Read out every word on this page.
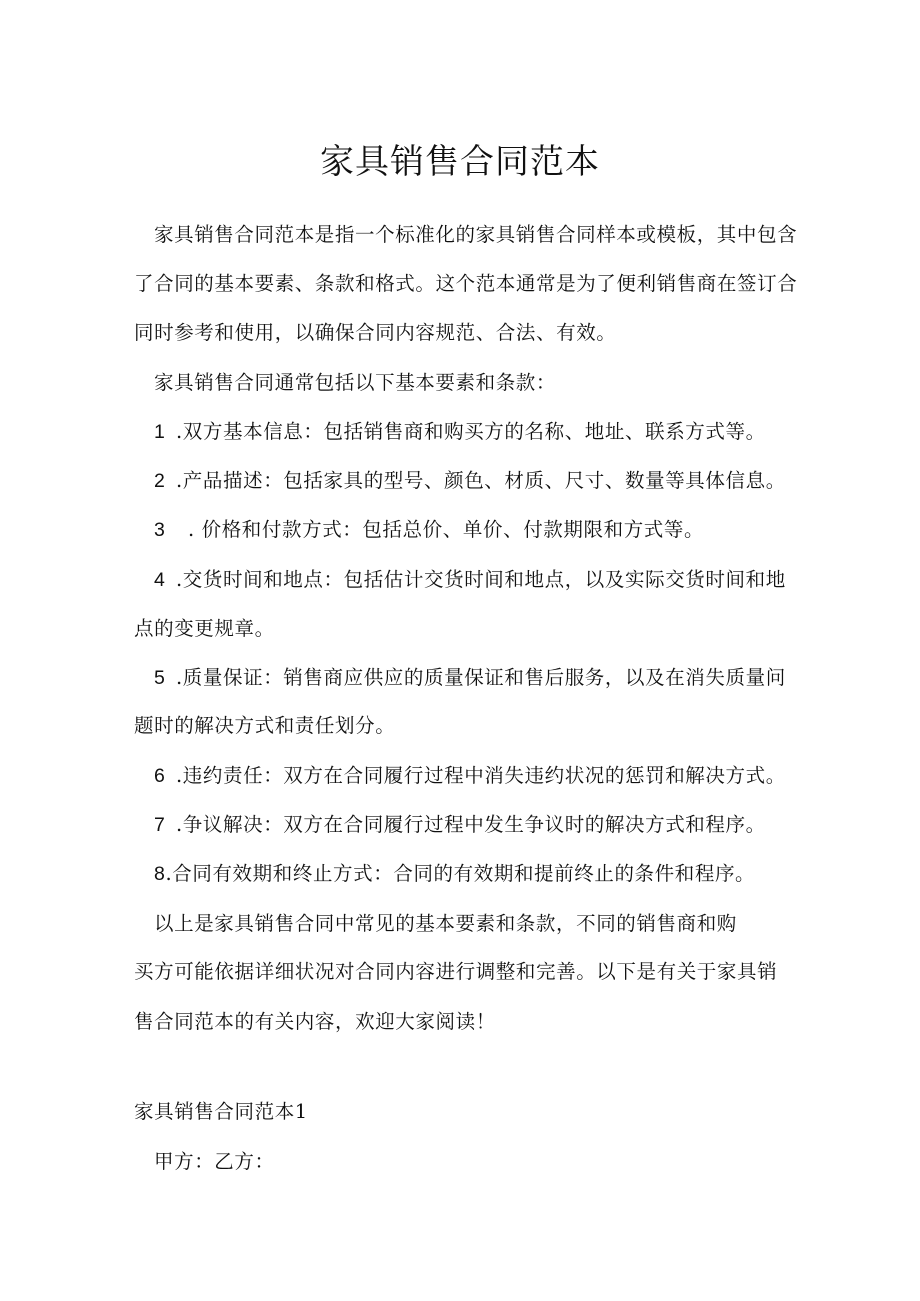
家具销售合同范本
家具销售合同范本是指一个标准化的家具销售合同样本或模板，其中包含
了合同的基本要素、条款和格式。这个范本通常是为了便利销售商在签订合
同时参考和使用，以确保合同内容规范、合法、有效。
家具销售合同通常包括以下基本要素和条款：
1 .双方基本信息：包括销售商和购买方的名称、地址、联系方式等。
2 .产品描述：包括家具的型号、颜色、材质、尺寸、数量等具体信息。
3 . 价格和付款方式：包括总价、单价、付款期限和方式等。
4 .交货时间和地点：包括估计交货时间和地点，以及实际交货时间和地
点的变更规章。
5 .质量保证：销售商应供应的质量保证和售后服务，以及在消失质量问
题时的解决方式和责任划分。
6 .违约责任：双方在合同履行过程中消失违约状况的惩罚和解决方式。
7 .争议解决：双方在合同履行过程中发生争议时的解决方式和程序。
8.合同有效期和终止方式：合同的有效期和提前终止的条件和程序。
以上是家具销售合同中常见的基本要素和条款，不同的销售商和购
买方可能依据详细状况对合同内容进行调整和完善。以下是有关于家具销
售合同范本的有关内容，欢迎大家阅读！
家具销售合同范本1
甲方：乙方：
